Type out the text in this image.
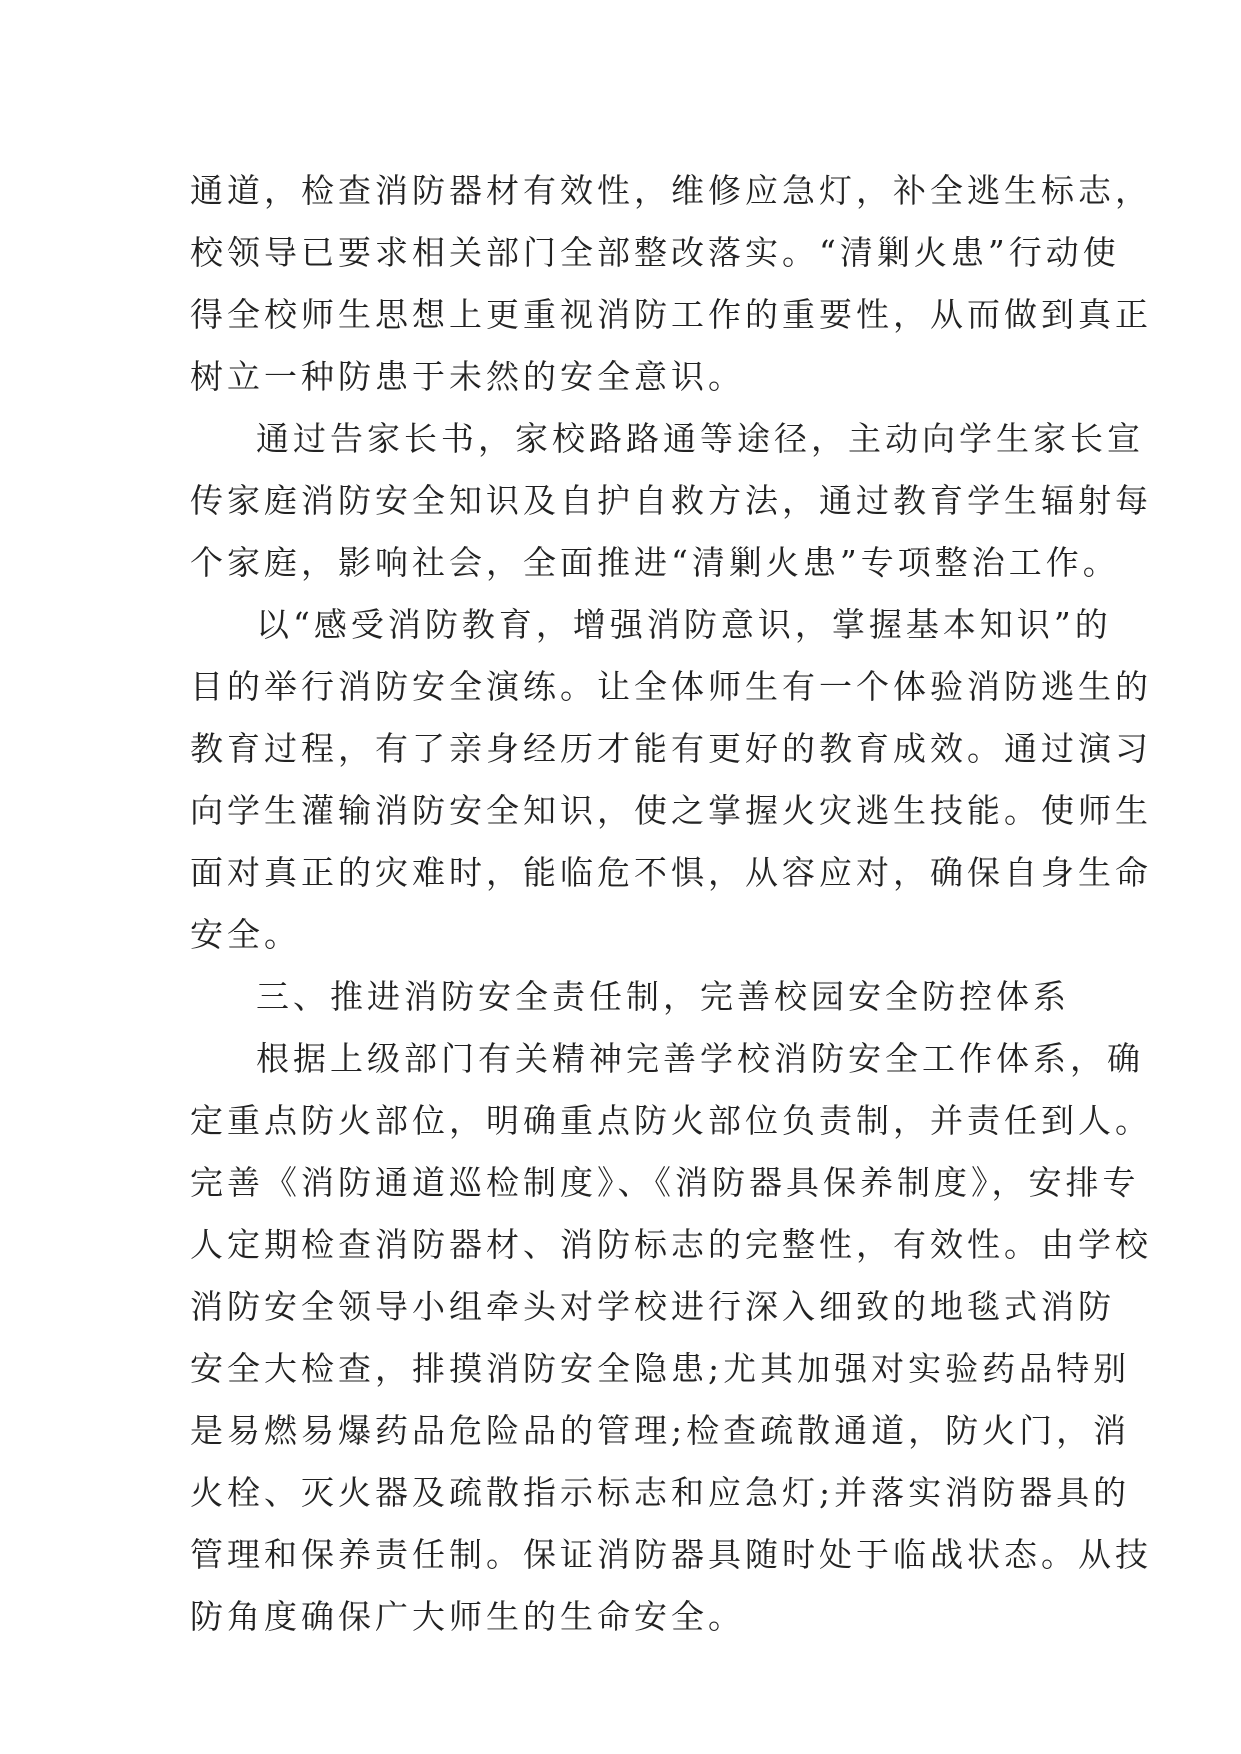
通道，检查消防器材有效性，维修应急灯，补全逃生标志，
校领导已要求相关部门全部整改落实。“清剿火患”行动使
得全校师生思想上更重视消防工作的重要性，从而做到真正
树立一种防患于未然的安全意识。
通过告家长书，家校路路通等途径，主动向学生家长宣
传家庭消防安全知识及自护自救方法，通过教育学生辐射每
个家庭，影响社会，全面推进“清剿火患”专项整治工作。
以“感受消防教育，增强消防意识，掌握基本知识”的
目的举行消防安全演练。让全体师生有一个体验消防逃生的
教育过程，有了亲身经历才能有更好的教育成效。通过演习
向学生灌输消防安全知识，使之掌握火灾逃生技能。使师生
面对真正的灾难时，能临危不惧，从容应对，确保自身生命
安全。
三、推进消防安全责任制，完善校园安全防控体系
根据上级部门有关精神完善学校消防安全工作体系，确
定重点防火部位，明确重点防火部位负责制，并责任到人。
完善《消防通道巡检制度》、《消防器具保养制度》，安排专
人定期检查消防器材、消防标志的完整性，有效性。由学校
消防安全领导小组牵头对学校进行深入细致的地毯式消防
安全大检查，排摸消防安全隐患;尤其加强对实验药品特别
是易燃易爆药品危险品的管理;检查疏散通道，防火门，消
火栓、灭火器及疏散指示标志和应急灯;并落实消防器具的
管理和保养责任制。保证消防器具随时处于临战状态。从技
防角度确保广大师生的生命安全。
